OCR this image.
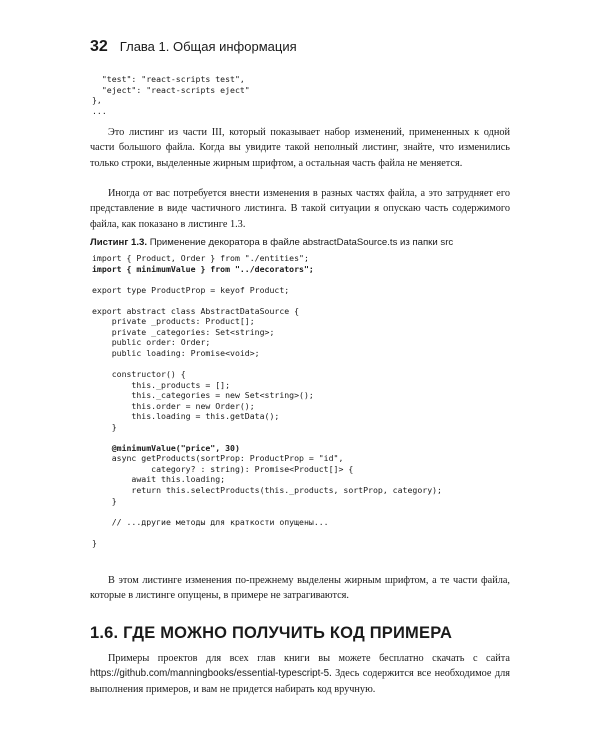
32 Глава 1. Общая информация
"test": "react-scripts test",
"eject": "react-scripts eject"
},
...

Это листинг из части III, который показывает набор изменений, примененных к одной части большого файла. Когда вы увидите такой неполный листинг, знайте, что изменились только строки, выделенные жирным шрифтом, а остальная часть файла не меняется.

Иногда от вас потребуется внести изменения в разных частях файла, а это затрудняет его представление в виде частичного листинга. В такой ситуации я опускаю часть содержимого файла, как показано в листинге 1.3.

Листинг 1.3. Применение декоратора в файле abstractDataSource.ts из папки src
import { Product, Order } from "./entities";
import { minimumValue } from "../decorators";

export type ProductProp = keyof Product;

export abstract class AbstractDataSource {
private _products: Product[];
private _categories: Set<string>;
public order: Order;
public loading: Promise<void>;

constructor() {
this._products = [];
this._categories = new Set<string>();
this.order = new Order();
this.loading = this.getData();
}

@minimumValue("price", 30)
async getProducts(sortProp: ProductProp = "id",
category? : string): Promise<Product[]> {
await this.loading;
return this.selectProducts(this._products, sortProp, category);
}

// ...другие методы для краткости опущены...

}

В этом листинге изменения по-прежнему выделены жирным шрифтом, а те части файла, которые в листинге опущены, в примере не затрагиваются.

1.6. ГДЕ МОЖНО ПОЛУЧИТЬ КОД ПРИМЕРА

Примеры проектов для всех глав книги вы можете бесплатно скачать с сайта https://github.com/manningbooks/essential-typescript-5. Здесь содержится все необходимое для выполнения примеров, и вам не придется набирать код вручную.
